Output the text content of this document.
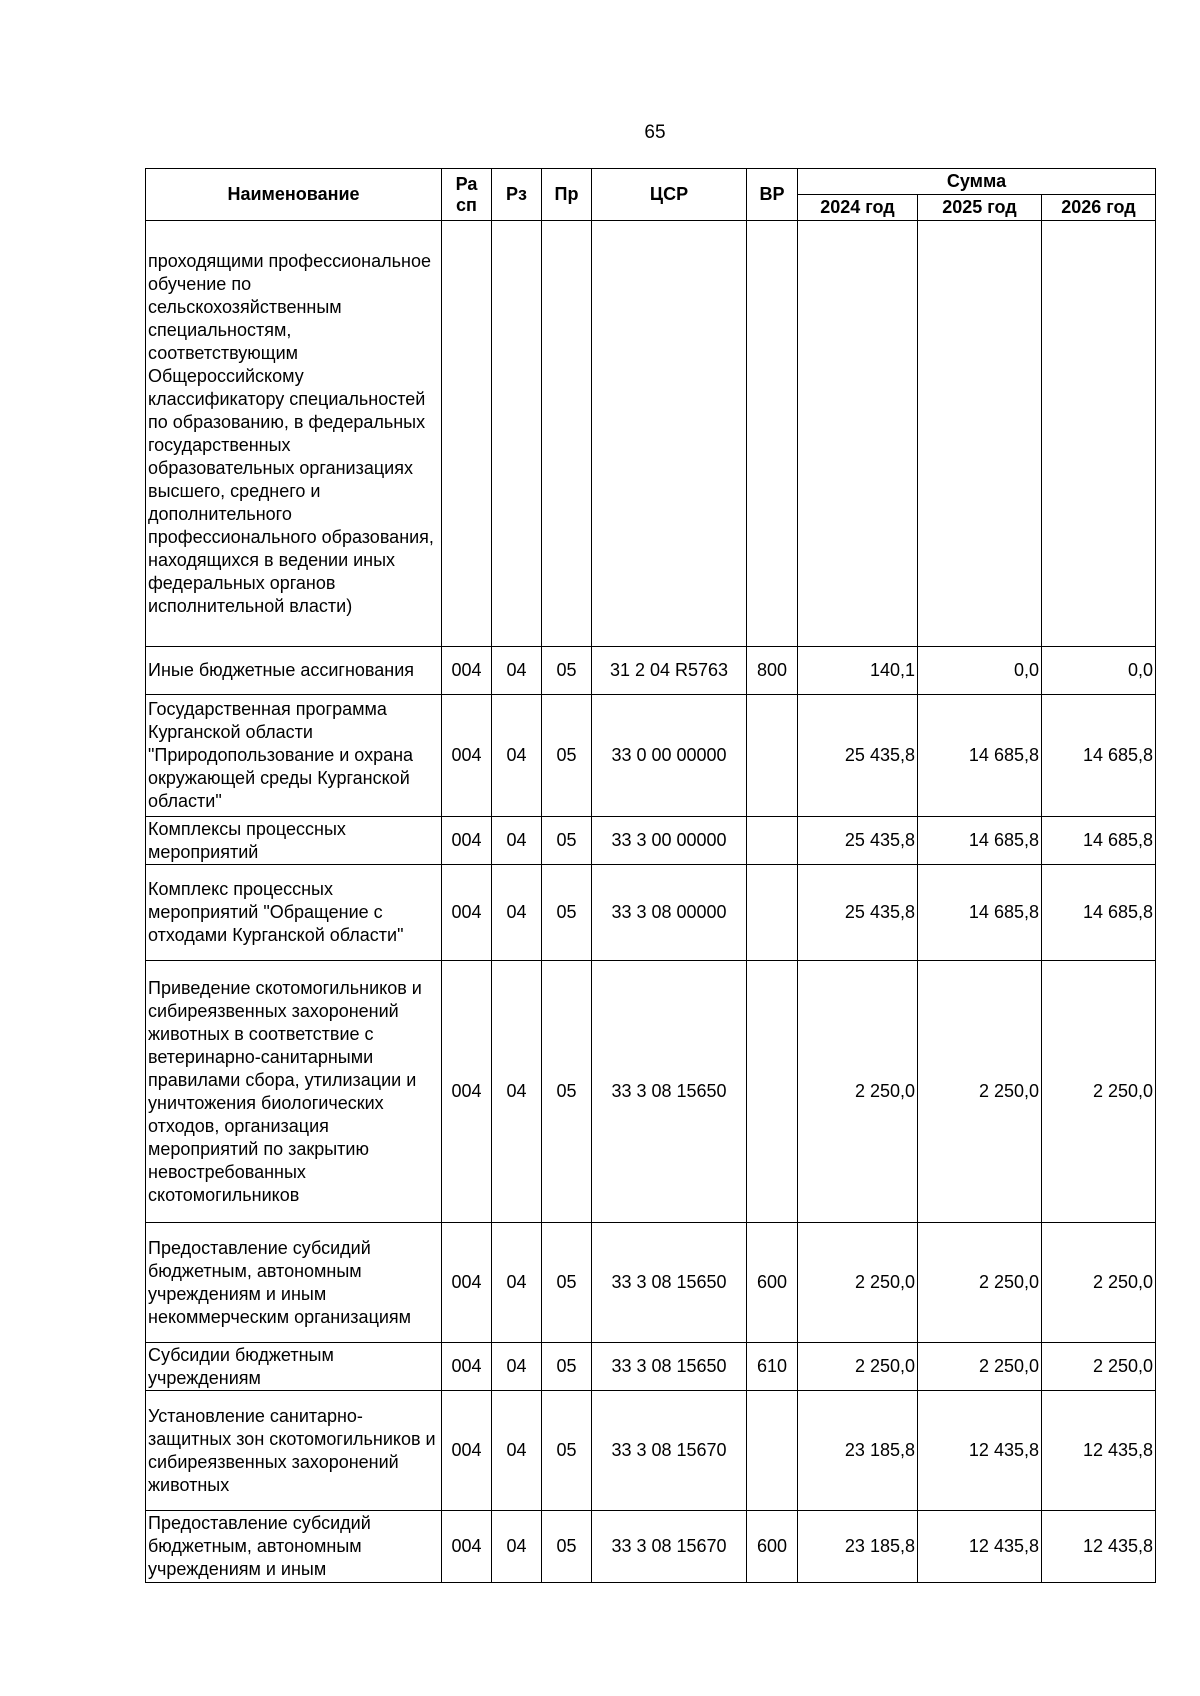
65
Наименование	Ра сп	Рз	Пр	ЦСР	ВР	Сумма		
						2024 год	2025 год	2026 год
проходящими профессиональное обучение по сельскохозяйственным специальностям, соответствующим Общероссийскому классификатору специальностей по образованию, в федеральных государственных образовательных организациях высшего, среднего и дополнительного профессионального образования, находящихся в ведении иных федеральных органов исполнительной власти)								
Иные бюджетные ассигнования	004	04	05	31 2 04 R5763	800	140,1	0,0	0,0
Государственная программа Курганской области "Природопользование и охрана окружающей среды Курганской области"	004	04	05	33 0 00 00000		25 435,8	14 685,8	14 685,8
Комплексы процессных мероприятий	004	04	05	33 3 00 00000		25 435,8	14 685,8	14 685,8
Комплекс процессных мероприятий "Обращение с отходами Курганской области"	004	04	05	33 3 08 00000		25 435,8	14 685,8	14 685,8
Приведение скотомогильников и сибиреязвенных захоронений животных в соответствие с ветеринарно-санитарными правилами сбора, утилизации и уничтожения биологических отходов, организация мероприятий по закрытию невостребованных скотомогильников	004	04	05	33 3 08 15650		2 250,0	2 250,0	2 250,0
Предоставление субсидий бюджетным, автономным учреждениям и иным некоммерческим организациям	004	04	05	33 3 08 15650	600	2 250,0	2 250,0	2 250,0
Субсидии бюджетным учреждениям	004	04	05	33 3 08 15650	610	2 250,0	2 250,0	2 250,0
Установление санитарно-защитных зон скотомогильников и сибиреязвенных захоронений животных	004	04	05	33 3 08 15670		23 185,8	12 435,8	12 435,8
Предоставление субсидий бюджетным, автономным учреждениям и иным	004	04	05	33 3 08 15670	600	23 185,8	12 435,8	12 435,8
